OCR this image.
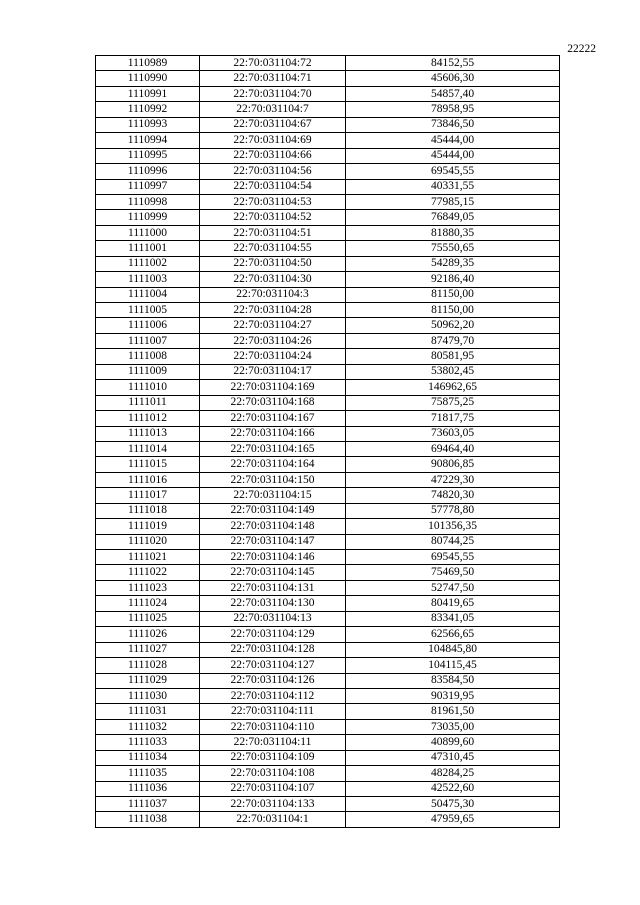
22222
1110989	22:70:031104:72	84152,55
1110990	22:70:031104:71	45606,30
1110991	22:70:031104:70	54857,40
1110992	22:70:031104:7	78958,95
1110993	22:70:031104:67	73846,50
1110994	22:70:031104:69	45444,00
1110995	22:70:031104:66	45444,00
1110996	22:70:031104:56	69545,55
1110997	22:70:031104:54	40331,55
1110998	22:70:031104:53	77985,15
1110999	22:70:031104:52	76849,05
1111000	22:70:031104:51	81880,35
1111001	22:70:031104:55	75550,65
1111002	22:70:031104:50	54289,35
1111003	22:70:031104:30	92186,40
1111004	22:70:031104:3	81150,00
1111005	22:70:031104:28	81150,00
1111006	22:70:031104:27	50962,20
1111007	22:70:031104:26	87479,70
1111008	22:70:031104:24	80581,95
1111009	22:70:031104:17	53802,45
1111010	22:70:031104:169	146962,65
1111011	22:70:031104:168	75875,25
1111012	22:70:031104:167	71817,75
1111013	22:70:031104:166	73603,05
1111014	22:70:031104:165	69464,40
1111015	22:70:031104:164	90806,85
1111016	22:70:031104:150	47229,30
1111017	22:70:031104:15	74820,30
1111018	22:70:031104:149	57778,80
1111019	22:70:031104:148	101356,35
1111020	22:70:031104:147	80744,25
1111021	22:70:031104:146	69545,55
1111022	22:70:031104:145	75469,50
1111023	22:70:031104:131	52747,50
1111024	22:70:031104:130	80419,65
1111025	22:70:031104:13	83341,05
1111026	22:70:031104:129	62566,65
1111027	22:70:031104:128	104845,80
1111028	22:70:031104:127	104115,45
1111029	22:70:031104:126	83584,50
1111030	22:70:031104:112	90319,95
1111031	22:70:031104:111	81961,50
1111032	22:70:031104:110	73035,00
1111033	22:70:031104:11	40899,60
1111034	22:70:031104:109	47310,45
1111035	22:70:031104:108	48284,25
1111036	22:70:031104:107	42522,60
1111037	22:70:031104:133	50475,30
1111038	22:70:031104:1	47959,65
